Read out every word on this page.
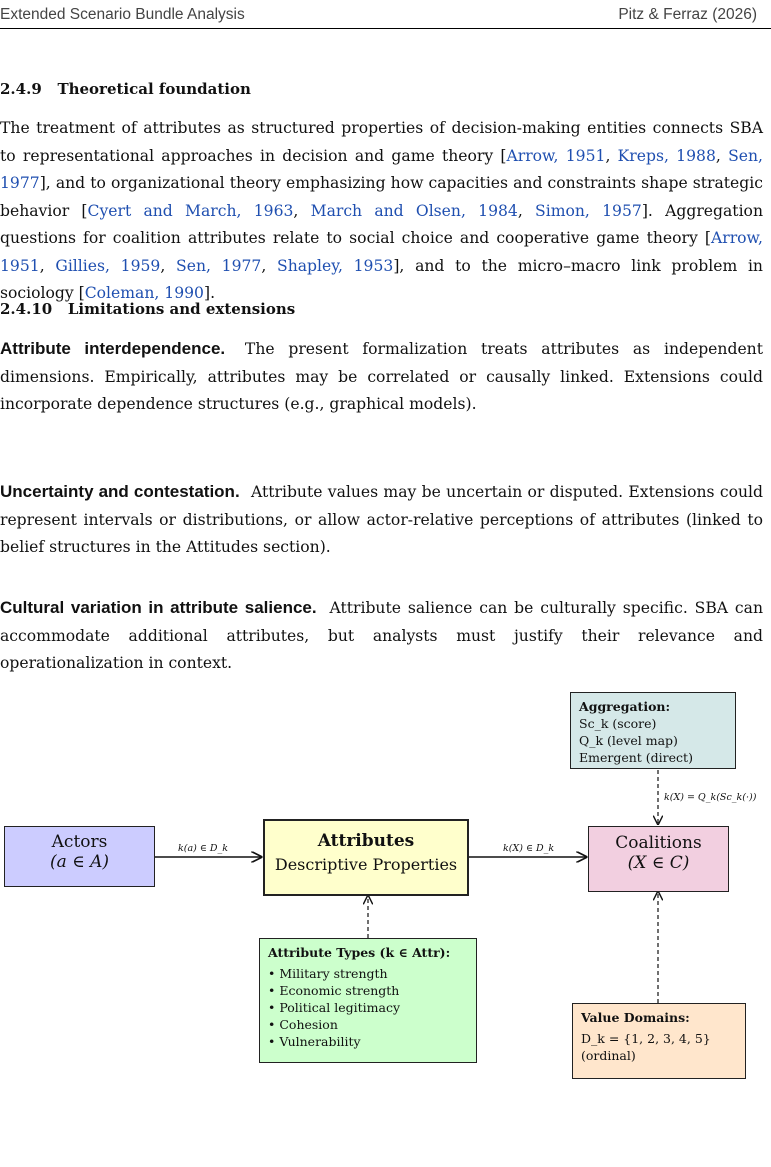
Extended Scenario Bundle Analysis	Pitz & Ferraz (2026)
2.4.9 Theoretical foundation

The treatment of attributes as structured properties of decision-making entities connects SBA to representational approaches in decision and game theory [Arrow, 1951, Kreps, 1988, Sen, 1977], and to organizational theory emphasizing how capacities and constraints shape strategic behavior [Cyert and March, 1963, March and Olsen, 1984, Simon, 1957]. Aggregation questions for coalition attributes relate to social choice and cooperative game theory [Arrow, 1951, Gillies, 1959, Sen, 1977, Shapley, 1953], and to the micro–macro link problem in sociology [Coleman, 1990].

2.4.10 Limitations and extensions

Attribute interdependence. The present formalization treats attributes as independent dimensions. Empirically, attributes may be correlated or causally linked. Extensions could incorporate dependence structures (e.g., graphical models).

Uncertainty and contestation. Attribute values may be uncertain or disputed. Extensions could represent intervals or distributions, or allow actor-relative perceptions of attributes (linked to belief structures in the Attitudes section).

Cultural variation in attribute salience. Attribute salience can be culturally specific. SBA can accommodate additional attributes, but analysts must justify their relevance and operationalization in context.

Actors
(a ∈ A)
Attributes
Descriptive Properties
Coalitions
(X ∈ C)
k(a) ∈ D_k	k(X) ∈ D_k
k(X) = Q_k(Sc_k(·))
Aggregation:
Sc_k (score)
Q_k (level map)
Emergent (direct)
Attribute Types (k ∈ Attr):
• Military strength
• Economic strength
• Political legitimacy
• Cohesion
• Vulnerability
Value Domains:
D_k = {1, 2, 3, 4, 5}
(ordinal)
